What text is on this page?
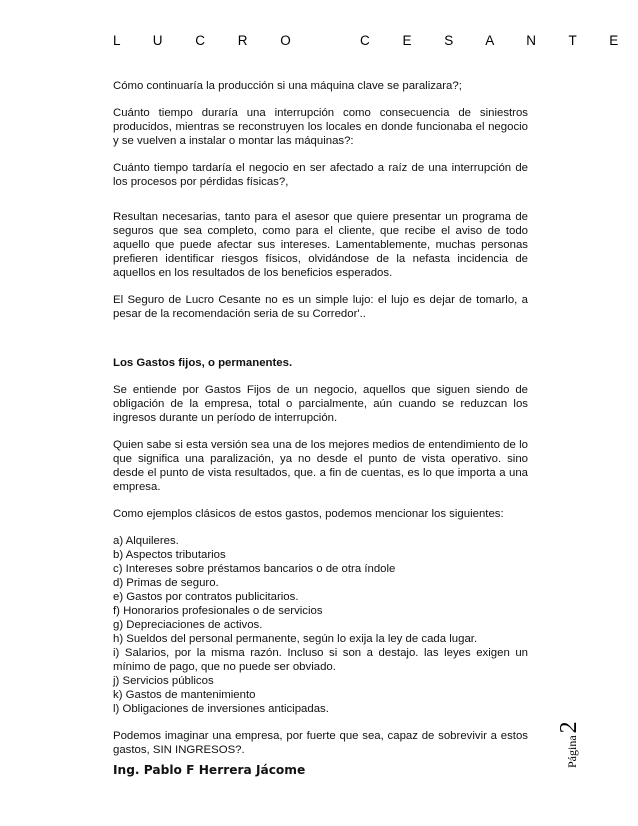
L U C R O   C E S A N T E

Cómo continuaría la producción si una máquina clave se paralizara?;

Cuánto tiempo duraría una interrupción como consecuencia de siniestros producidos, mientras se reconstruyen los locales en donde funcionaba el negocio y se vuelven a instalar o montar las máquinas?:

Cuánto tiempo tardaría el negocio en ser afectado a raíz de una interrupción de los procesos por pérdidas físicas?,

Resultan necesarias, tanto para el asesor que quiere presentar un programa de seguros que sea completo, como para el cliente, que recibe el aviso de todo aquello que puede afectar sus intereses. Lamentablemente, muchas personas prefieren identificar riesgos físicos, olvidándose de la nefasta incidencia de aquellos en los resultados de los beneficios esperados.

El Seguro de Lucro Cesante no es un simple lujo: el lujo es dejar de tomarlo, a pesar de la recomendación seria de su Corredor'..

Los Gastos fijos, o permanentes.

Se entiende por Gastos Fijos de un negocio, aquellos que siguen siendo de obligación de la empresa, total o parcialmente, aún cuando se reduzcan los ingresos durante un período de interrupción.

Quien sabe si esta versión sea una de los mejores medios de entendimiento de lo que significa una paralización, ya no desde el punto de vista operativo. sino desde el punto de vista resultados, que. a fin de cuentas, es lo que importa a una empresa.

Como ejemplos clásicos de estos gastos, podemos mencionar los siguientes:

a) Alquileres.
b) Aspectos tributarios
c) Intereses sobre préstamos bancarios o de otra índole
d) Primas de seguro.
e) Gastos por contratos publicitarios.
f) Honorarios profesionales o de servicios
g) Depreciaciones de activos.
h) Sueldos del personal permanente, según lo exija la ley de cada lugar.
i) Salarios, por la misma razón. Incluso si son a destajo. las leyes exigen un mínimo de pago, que no puede ser obviado.
j) Servicios públicos
k) Gastos de mantenimiento
l) Obligaciones de inversiones anticipadas.

Podemos imaginar una empresa, por fuerte que sea, capaz de sobrevivir a estos gastos, SIN INGRESOS?.

Ing. Pablo F Herrera Jácome
Página
2
